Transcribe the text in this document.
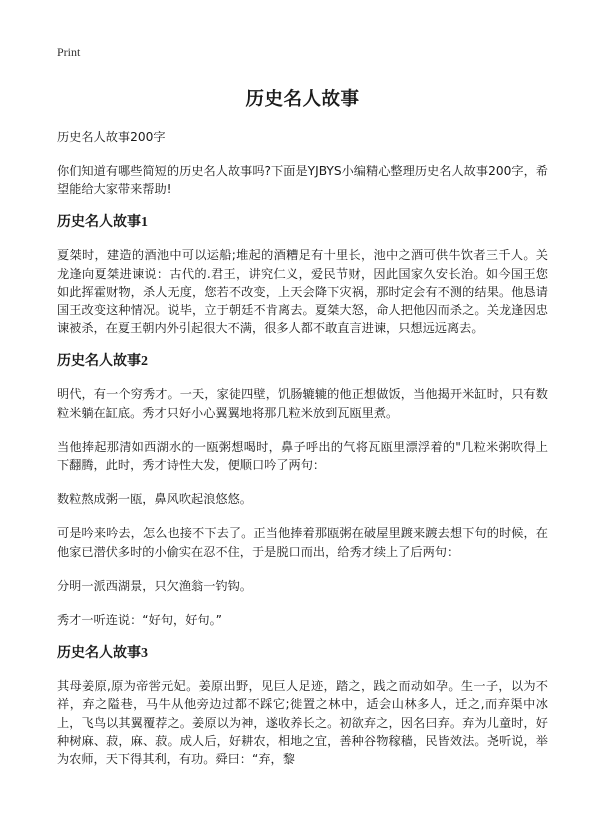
Print
历史名人故事
历史名人故事200字

你们知道有哪些简短的历史名人故事吗?下面是YJBYS小编精心整理历史名人故事200字，希望能给大家带来帮助!

历史名人故事1

夏桀时，建造的酒池中可以运船;堆起的酒糟足有十里长，池中之酒可供牛饮者三千人。关龙逢向夏桀进谏说：古代的.君王，讲究仁义，爱民节财，因此国家久安长治。如今国王您如此挥霍财物，杀人无度，您若不改变，上天会降下灾祸，那时定会有不测的结果。他恳请国王改变这种情况。说毕，立于朝廷不肯离去。夏桀大怒，命人把他囚而杀之。关龙逢因忠谏被杀，在夏王朝内外引起很大不满，很多人都不敢直言进谏，只想远远离去。

历史名人故事2

明代，有一个穷秀才。一天，家徒四壁，饥肠辘辘的他正想做饭，当他揭开米缸时，只有数粒米躺在缸底。秀才只好小心翼翼地将那几粒米放到瓦瓯里煮。

当他捧起那清如西湖水的一瓯粥想喝时，鼻子呼出的气将瓦瓯里漂浮着的"几粒米粥吹得上下翻腾，此时，秀才诗性大发，便顺口吟了两句：

数粒熬成粥一瓯，鼻风吹起浪悠悠。

可是吟来吟去，怎么也接不下去了。正当他捧着那瓯粥在破屋里踱来踱去想下句的时候，在他家已潜伏多时的小偷实在忍不住，于是脱口而出，给秀才续上了后两句：

分明一派西湖景，只欠渔翁一钓钩。

秀才一听连说：“好句，好句。”

历史名人故事3

其母姜原,原为帝喾元妃。姜原出野，见巨人足迹，踏之，践之而动如孕。生一子，以为不祥，弃之隘巷，马牛从他旁边过都不踩它;徙置之林中，适会山林多人，迁之,而弃渠中冰上，飞鸟以其翼覆荐之。姜原以为神，遂收养长之。初欲弃之，因名曰弃。弃为儿童时，好种树麻、菽，麻、菽。成人后，好耕农，相地之宜，善种谷物稼穑，民皆效法。尧听说，举为农师，天下得其利，有功。舜曰：“弃，黎
